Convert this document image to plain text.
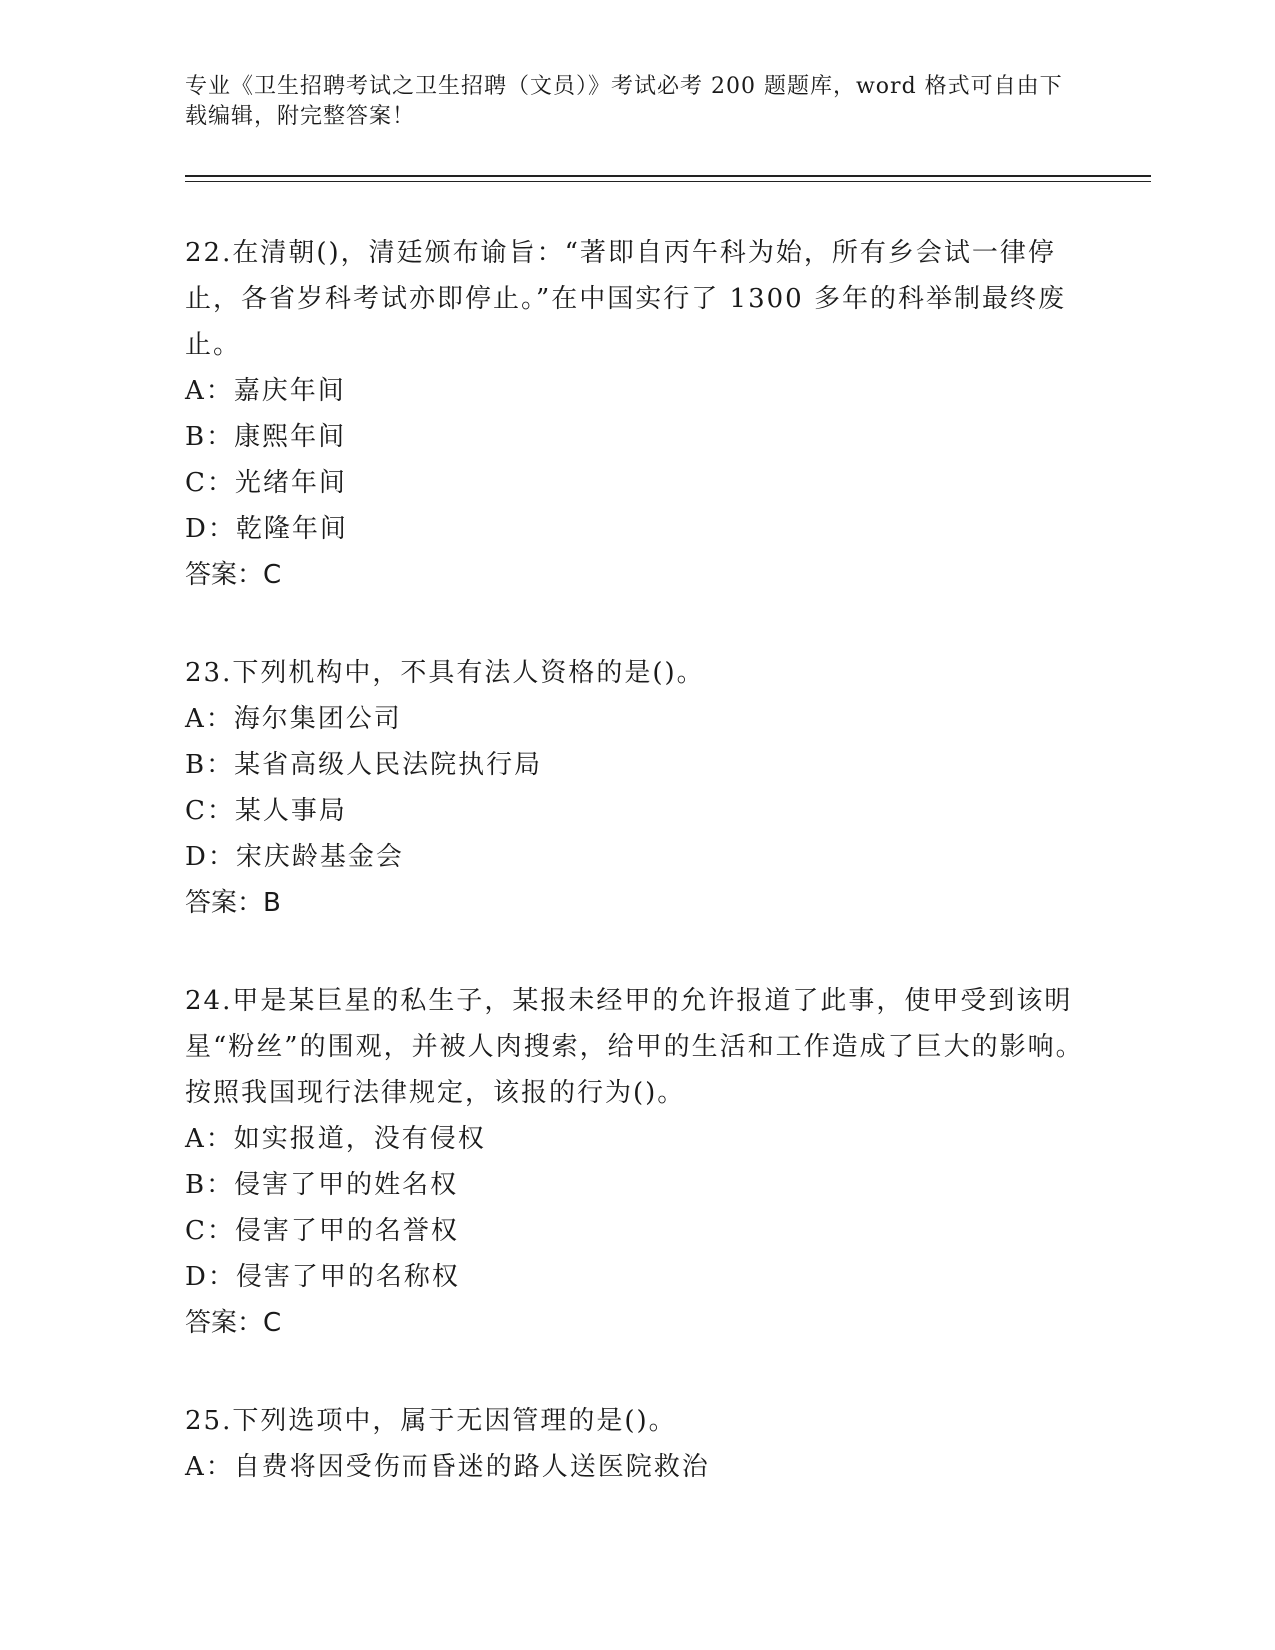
专业《卫生招聘考试之卫生招聘（文员）》考试必考 200 题题库，word 格式可自由下载编辑，附完整答案！
22.在清朝()，清廷颁布谕旨：“著即自丙午科为始，所有乡会试一律停止，各省岁科考试亦即停止。”在中国实行了 1300 多年的科举制最终废止。
A：嘉庆年间
B：康熙年间
C：光绪年间
D：乾隆年间
答案：C
23.下列机构中，不具有法人资格的是()。
A：海尔集团公司
B：某省高级人民法院执行局
C：某人事局
D：宋庆龄基金会
答案：B
24.甲是某巨星的私生子，某报未经甲的允许报道了此事，使甲受到该明星“粉丝”的围观，并被人肉搜索，给甲的生活和工作造成了巨大的影响。按照我国现行法律规定，该报的行为()。
A：如实报道，没有侵权
B：侵害了甲的姓名权
C：侵害了甲的名誉权
D：侵害了甲的名称权
答案：C
25.下列选项中，属于无因管理的是()。
A：自费将因受伤而昏迷的路人送医院救治
